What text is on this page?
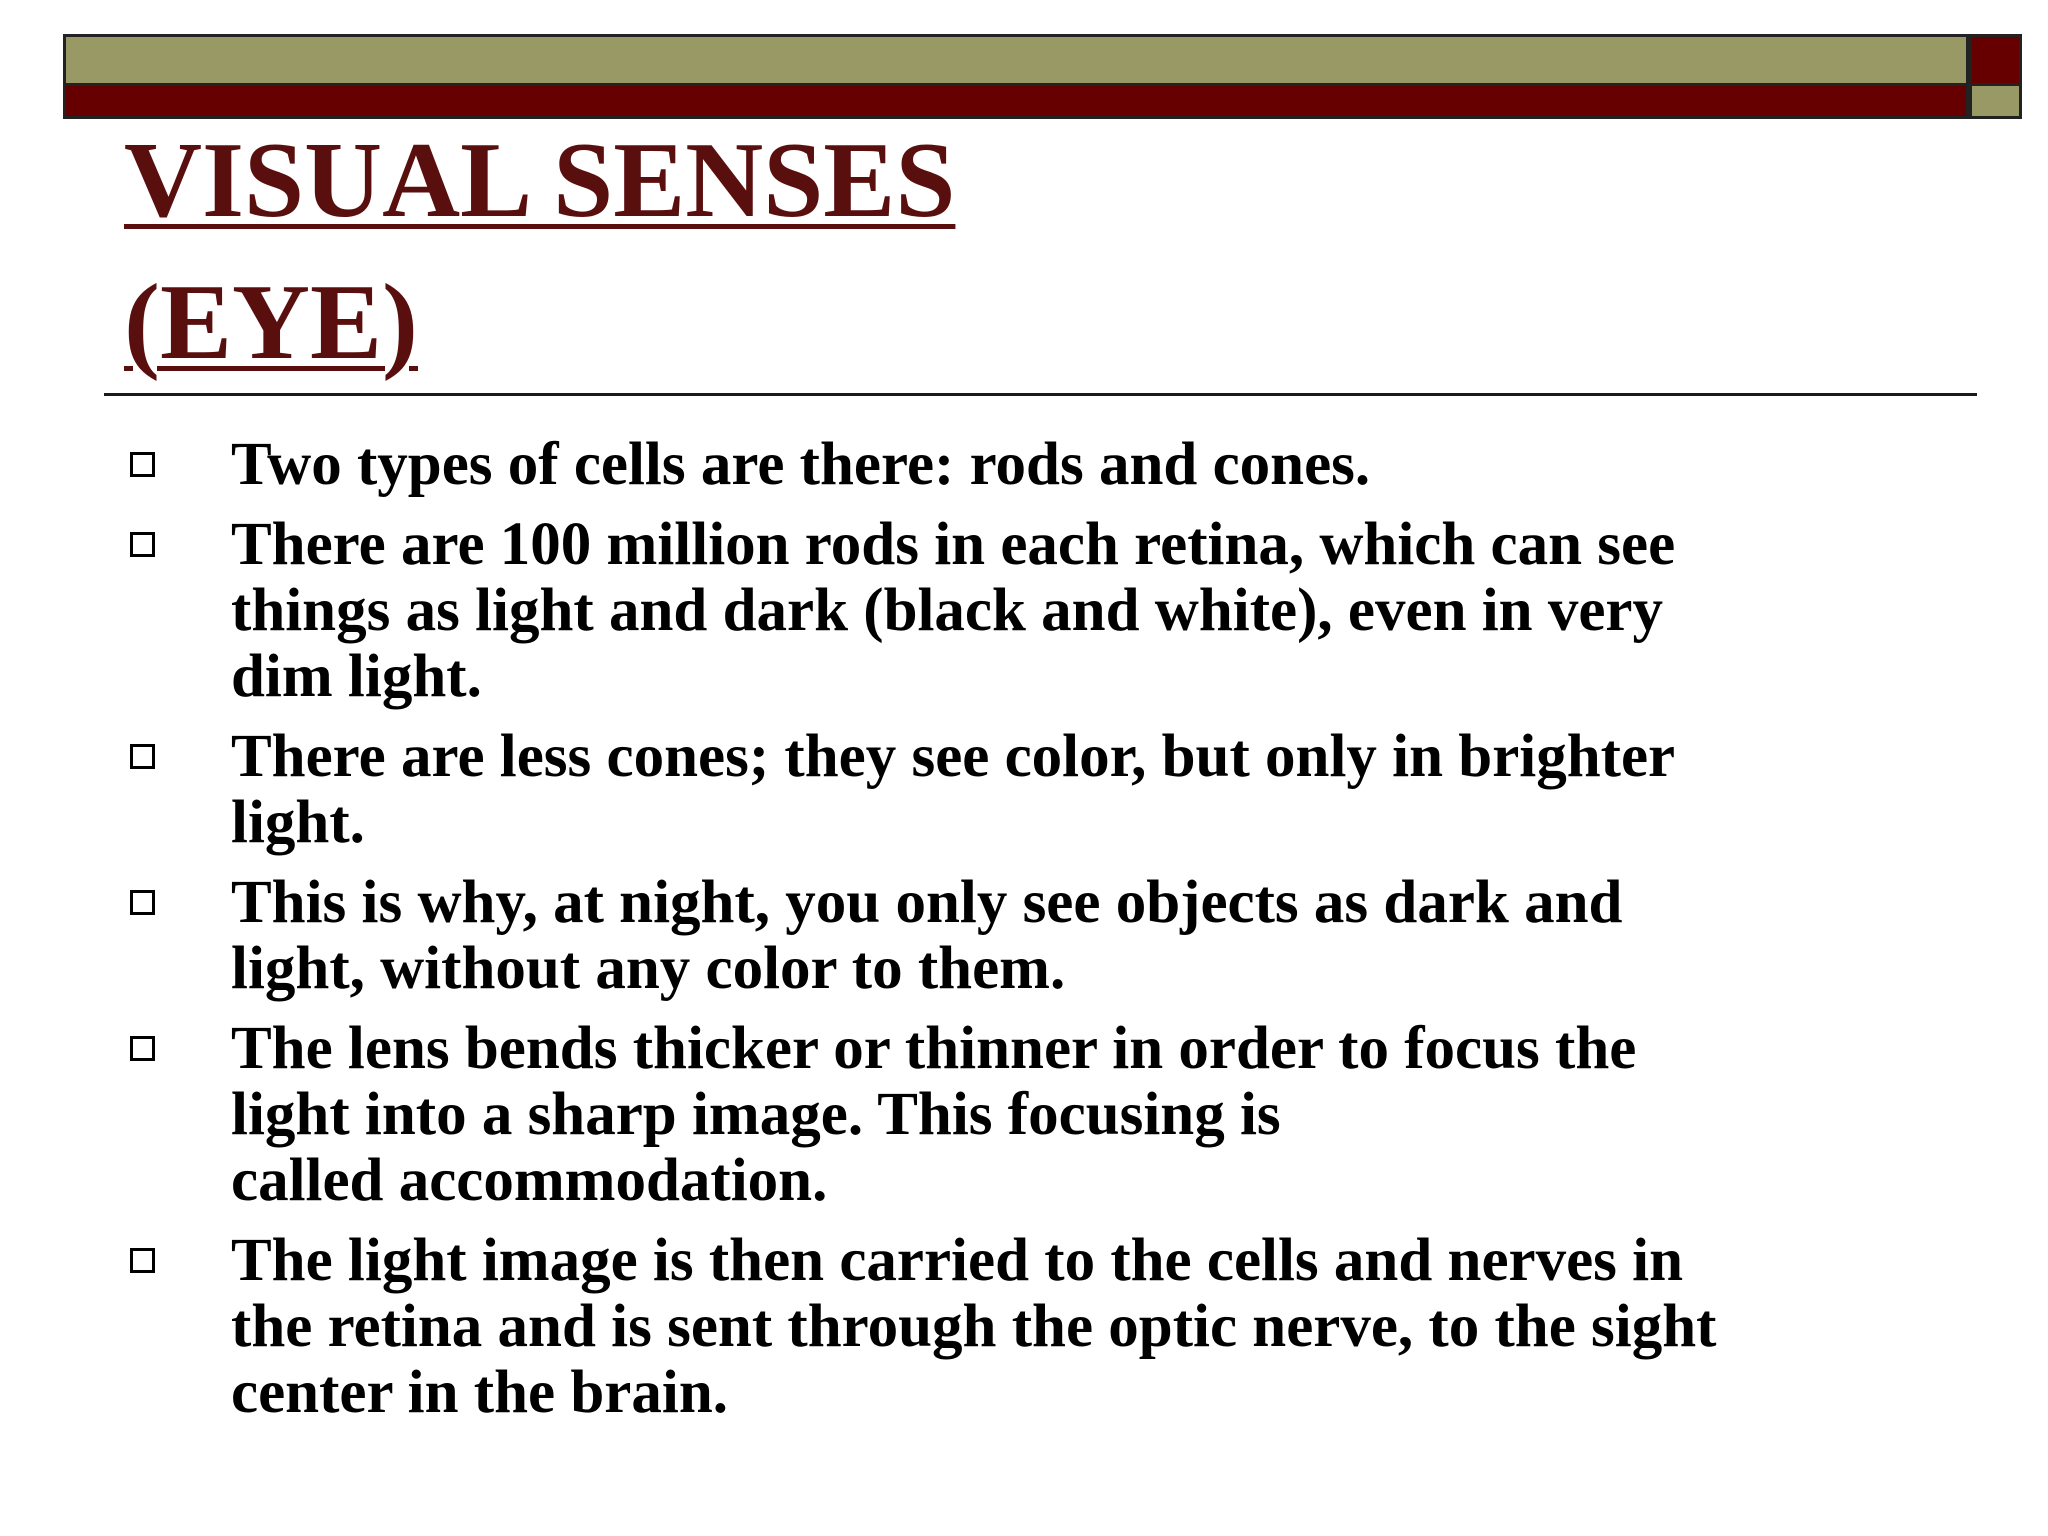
VISUAL SENSES
(EYE)
Two types of cells are there: rods and cones.
There are 100 million rods in each retina, which can see
things as light and dark (black and white), even in very
dim light.
There are less cones; they see color, but only in brighter
light.
This is why, at night, you only see objects as dark and
light, without any color to them.
The lens bends thicker or thinner in order to focus the
light into a sharp image. This focusing is
called accommodation.
The light image is then carried to the cells and nerves in
the retina and is sent through the optic nerve, to the sight
center in the brain.
